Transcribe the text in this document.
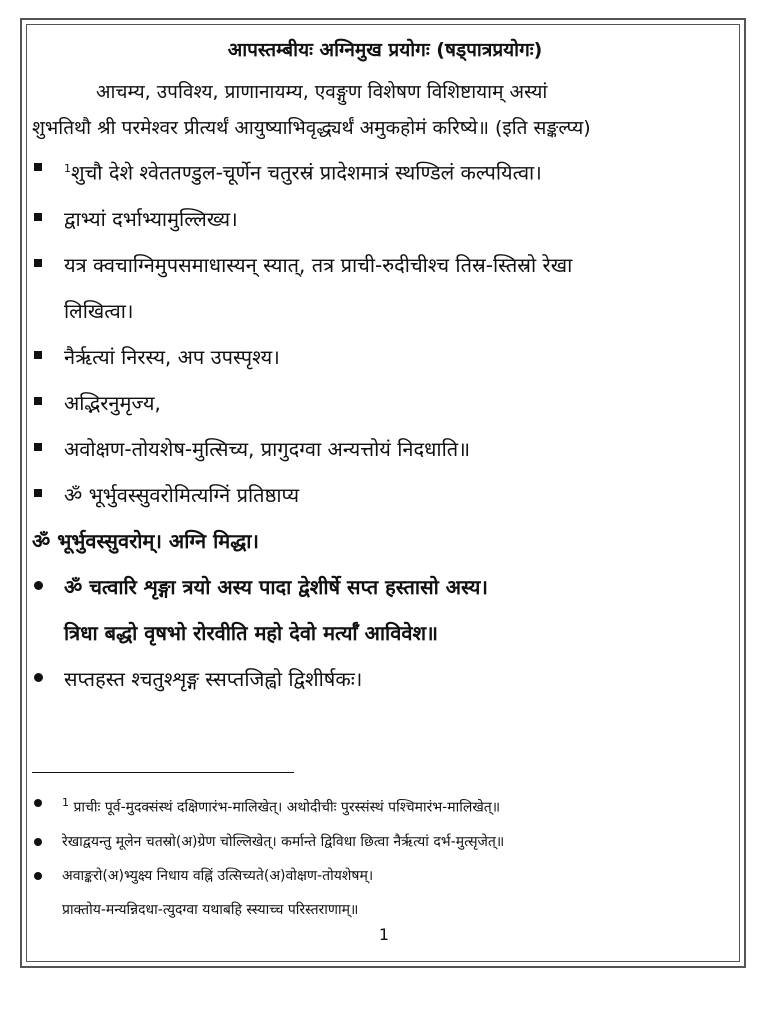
आपस्तम्बीयः अग्निमुख प्रयोगः (षड्पात्रप्रयोगः)

आचम्य, उपविश्य, प्राणानायम्य, एवङ्गुण विशेषण विशिष्टायाम् अस्यां

शुभतिथौ श्री परमेश्वर प्रीत्यर्थं आयुष्याभिवृद्ध्यर्थं अमुकहोमं करिष्ये॥ (इति सङ्कल्प्य)

$^1$शुचौ देशे श्वेततण्डुल-चूर्णेन चतुरस्रं प्रादेशमात्रं स्थण्डिलं कल्पयित्वा।
द्वाभ्यां दर्भाभ्यामुल्लिख्य।
यत्र क्वचाग्निमुपसमाधास्यन् स्यात्, तत्र प्राची-रुदीचीश्च तिस्र-स्तिस्रो रेखा
लिखित्वा।
नैर्ऋत्यां निरस्य, अप उपस्पृश्य।
अद्भिरनुमृज्य,
अवोक्षण-तोयशेष-मुत्सिच्य, प्रागुदग्वा अन्यत्तोयं निदधाति॥
ॐ भूर्भुवस्सुवरोमित्यग्निं प्रतिष्ठाप्य

ॐ भूर्भुवस्सुवरोम्। अग्नि मिद्धा।

ॐ चत्वारि शृङ्गा त्रयो अस्य पादा द्वेशीर्षे सप्त हस्तासो अस्य।
त्रिधा बद्धो वृषभो रोरवीति महो देवो मर्त्याँ आविवेश॥
सप्तहस्त श्चतुश्शृङ्ग स्सप्तजिह्वो द्विशीर्षकः।
$^1$ प्राचीः पूर्व-मुदक्संस्थं दक्षिणारंभ-मालिखेत्। अथोदीचीः पुरस्संस्थं पश्चिमारंभ-मालिखेत्॥
रेखाद्वयन्तु मूलेन चतस्रो(अ)ग्रेण चोल्लिखेत्। कर्मान्ते द्विविधा छित्वा नैर्ऋत्यां दर्भ-मुत्सृजेत्॥
अवाङ्करो(अ)भ्युक्ष्य निधाय वह्निं उत्सिच्यते(अ)वोक्षण-तोयशेषम्।
प्राक्तोय-मन्यन्निदधा-त्युदग्वा यथाबहि स्स्याच्च परिस्तराणाम्॥
1
